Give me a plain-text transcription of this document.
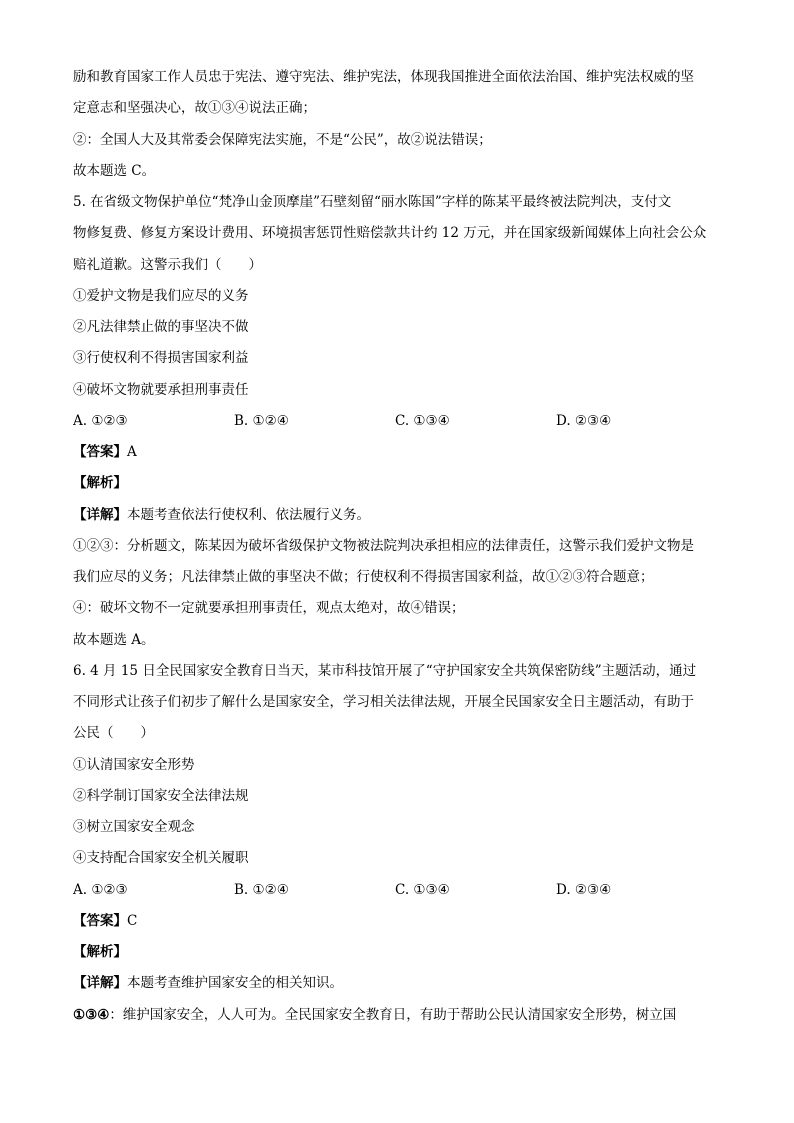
励和教育国家工作人员忠于宪法、遵守宪法、维护宪法，体现我国推进全面依法治国、维护宪法权威的坚
定意志和坚强决心，故①③④说法正确；
②：全国人大及其常委会保障宪法实施，不是“公民”，故②说法错误；
故本题选 C。
5. 在省级文物保护单位“梵净山金顶摩崖”石壁刻留“丽水陈国”字样的陈某平最终被法院判决，支付文
物修复费、修复方案设计费用、环境损害惩罚性赔偿款共计约 12 万元，并在国家级新闻媒体上向社会公众
赔礼道歉。这警示我们（　　）
①爱护文物是我们应尽的义务
②凡法律禁止做的事坚决不做
③行使权利不得损害国家利益
④破坏文物就要承担刑事责任
A. ①②③	B. ①②④	C. ①③④	D. ②③④
【答案】A
【解析】
【详解】本题考查依法行使权利、依法履行义务。
①②③：分析题文，陈某因为破坏省级保护文物被法院判决承担相应的法律责任，这警示我们爱护文物是
我们应尽的义务；凡法律禁止做的事坚决不做；行使权利不得损害国家利益，故①②③符合题意；
④：破坏文物不一定就要承担刑事责任，观点太绝对，故④错误；
故本题选 A。
6. 4 月 15 日全民国家安全教育日当天，某市科技馆开展了“守护国家安全共筑保密防线”主题活动，通过
不同形式让孩子们初步了解什么是国家安全，学习相关法律法规，开展全民国家安全日主题活动，有助于
公民（　　）
①认清国家安全形势
②科学制订国家安全法律法规
③树立国家安全观念
④支持配合国家安全机关履职
A. ①②③	B. ①②④	C. ①③④	D. ②③④
【答案】C
【解析】
【详解】本题考查维护国家安全的相关知识。
①③④：维护国家安全，人人可为。全民国家安全教育日，有助于帮助公民认清国家安全形势，树立国
